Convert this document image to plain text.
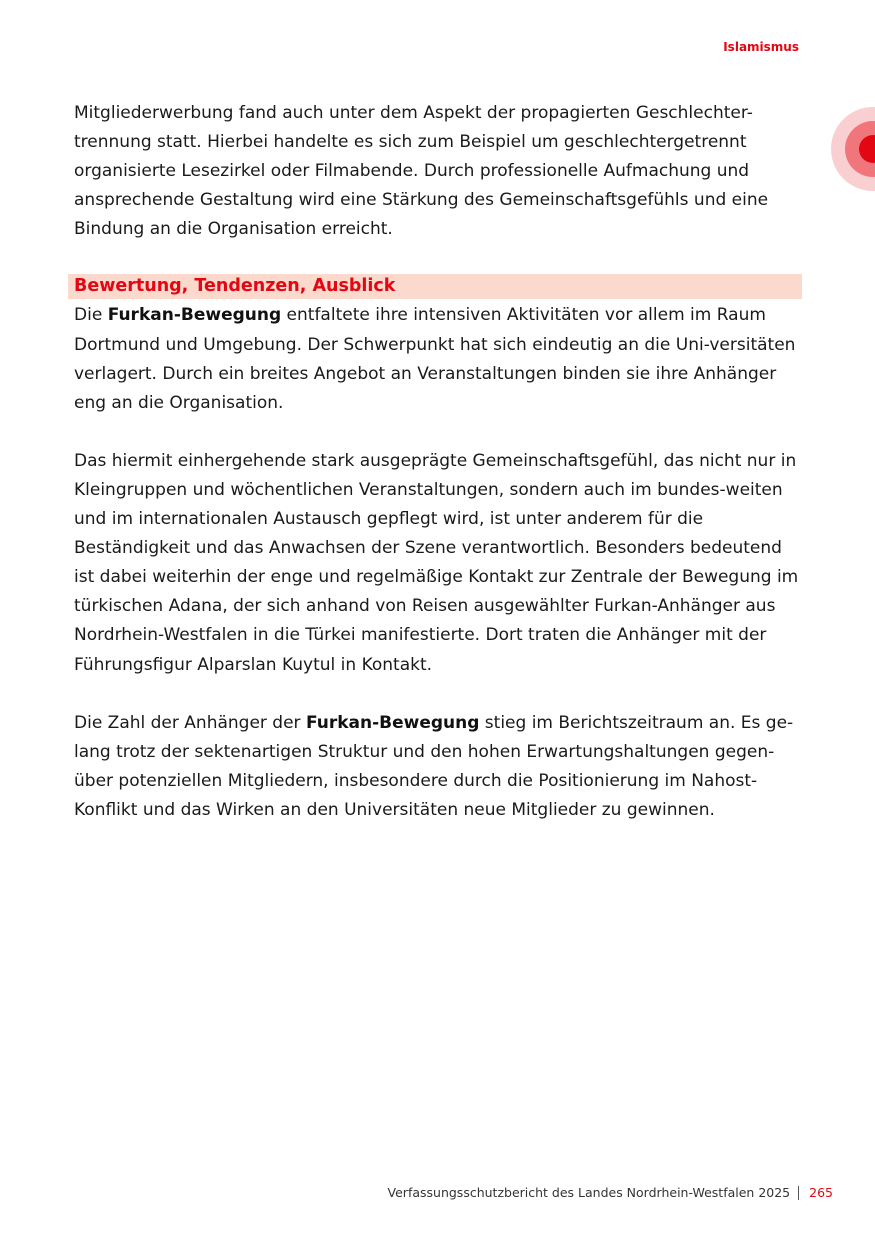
Islamismus

Mitgliederwerbung fand auch unter dem Aspekt der propagierten Geschlechter-trennung statt. Hierbei handelte es sich zum Beispiel um geschlechtergetrennt organisierte Lesezirkel oder Filmabende. Durch professionelle Aufmachung und ansprechende Gestaltung wird eine Stärkung des Gemeinschaftsgefühls und eine Bindung an die Organisation erreicht.

Bewertung, Tendenzen, Ausblick

Die Furkan-Bewegung entfaltete ihre intensiven Aktivitäten vor allem im Raum Dortmund und Umgebung. Der Schwerpunkt hat sich eindeutig an die Uni-versitäten verlagert. Durch ein breites Angebot an Veranstaltungen binden sie ihre Anhänger eng an die Organisation.

Das hiermit einhergehende stark ausgeprägte Gemeinschaftsgefühl, das nicht nur in Kleingruppen und wöchentlichen Veranstaltungen, sondern auch im bundes-weiten und im internationalen Austausch gepflegt wird, ist unter anderem für die Beständigkeit und das Anwachsen der Szene verantwortlich. Besonders bedeutend ist dabei weiterhin der enge und regelmäßige Kontakt zur Zentrale der Bewegung im türkischen Adana, der sich anhand von Reisen ausgewählter Furkan-Anhänger aus Nordrhein-Westfalen in die Türkei manifestierte. Dort traten die Anhänger mit der Führungsfigur Alparslan Kuytul in Kontakt.

Die Zahl der Anhänger der Furkan-Bewegung stieg im Berichtszeitraum an. Es ge-lang trotz der sektenartigen Struktur und den hohen Erwartungshaltungen gegen-über potenziellen Mitgliedern, insbesondere durch die Positionierung im Nahost-Konflikt und das Wirken an den Universitäten neue Mitglieder zu gewinnen.

Verfassungsschutzbericht des Landes Nordrhein-Westfalen 2025 265
